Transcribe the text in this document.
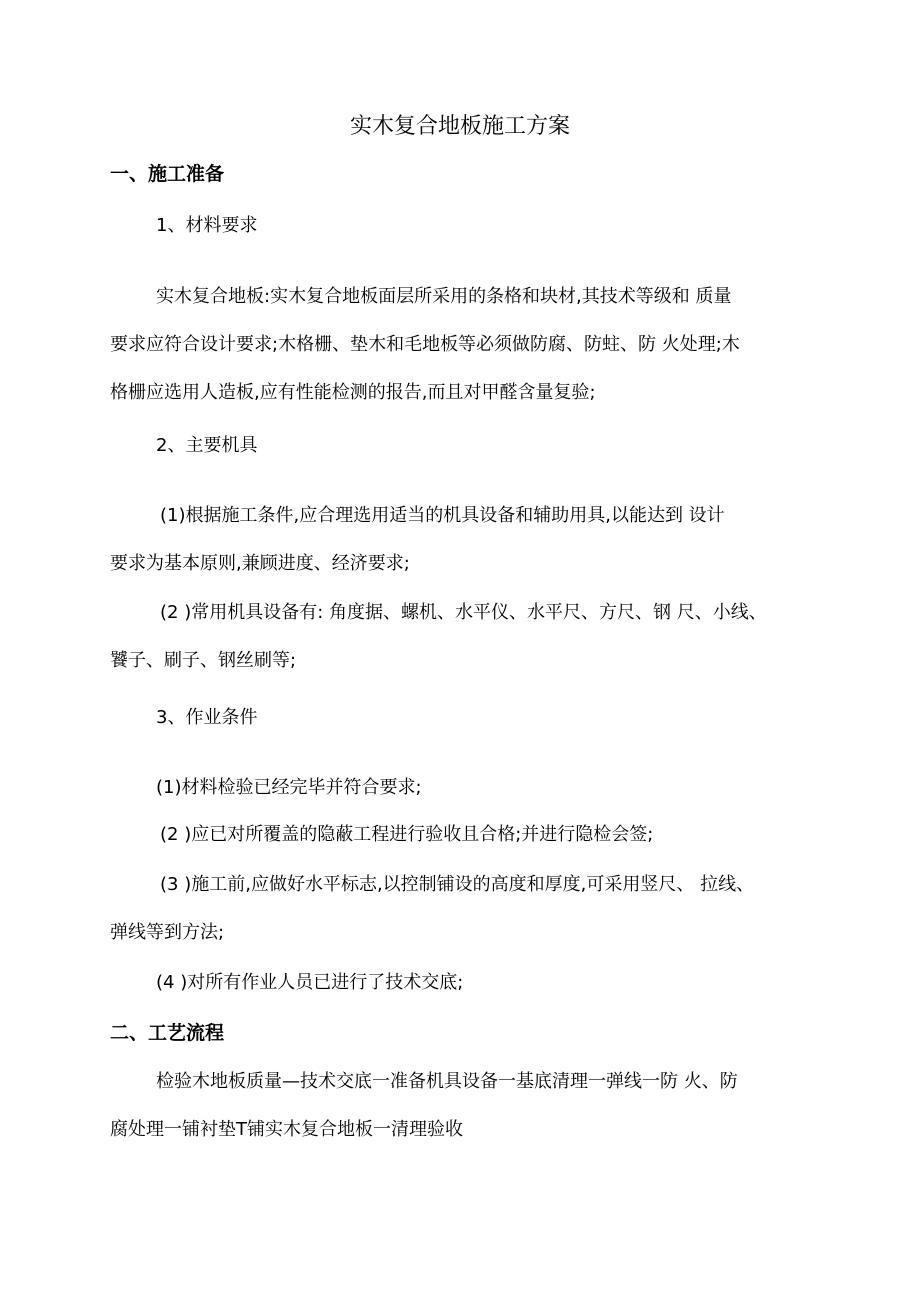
实木复合地板施工方案
一、施工准备
1、材料要求
实木复合地板:实木复合地板面层所采用的条格和块材,其技术等级和 质量
要求应符合设计要求;木格栅、垫木和毛地板等必须做防腐、防蛀、防 火处理;木
格栅应选用人造板,应有性能检测的报告,而且对甲醛含量复验;
2、主要机具
(1)根据施工条件,应合理选用适当的机具设备和辅助用具,以能达到 设计
要求为基本原则,兼顾进度、经济要求;
(2 )常用机具设备有: 角度据、螺机、水平仪、水平尺、方尺、钢 尺、小线、
饕子、刷子、钢丝刷等;
3、作业条件
(1)材料检验已经完毕并符合要求;
(2 )应已对所覆盖的隐蔽工程进行验收且合格;并进行隐检会签;
(3 )施工前,应做好水平标志,以控制铺设的高度和厚度,可采用竖尺、 拉线、
弹线等到方法;
(4 )对所有作业人员已进行了技术交底;
二、工艺流程
检验木地板质量—技术交底一准备机具设备一基底清理一弹线一防 火、防
腐处理一铺衬垫T铺实木复合地板一清理验收
